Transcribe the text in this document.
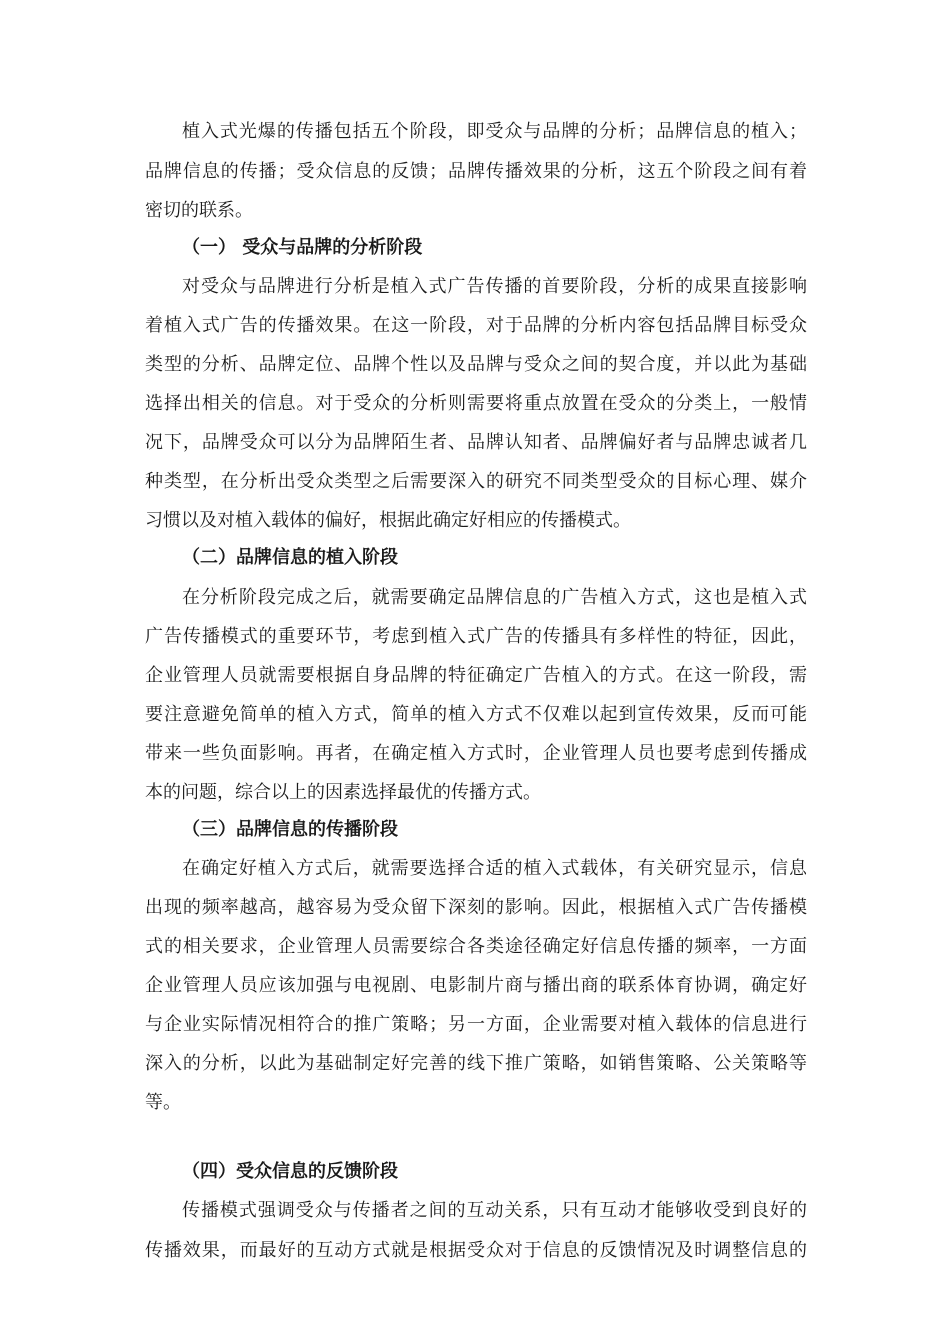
植入式光爆的传播包括五个阶段，即受众与品牌的分析；品牌信息的植入；
品牌信息的传播；受众信息的反馈；品牌传播效果的分析，这五个阶段之间有着
密切的联系。
（一） 受众与品牌的分析阶段
对受众与品牌进行分析是植入式广告传播的首要阶段，分析的成果直接影响
着植入式广告的传播效果。在这一阶段，对于品牌的分析内容包括品牌目标受众
类型的分析、品牌定位、品牌个性以及品牌与受众之间的契合度，并以此为基础
选择出相关的信息。对于受众的分析则需要将重点放置在受众的分类上，一般情
况下，品牌受众可以分为品牌陌生者、品牌认知者、品牌偏好者与品牌忠诚者几
种类型，在分析出受众类型之后需要深入的研究不同类型受众的目标心理、媒介
习惯以及对植入载体的偏好，根据此确定好相应的传播模式。
（二）品牌信息的植入阶段
在分析阶段完成之后，就需要确定品牌信息的广告植入方式，这也是植入式
广告传播模式的重要环节，考虑到植入式广告的传播具有多样性的特征，因此，
企业管理人员就需要根据自身品牌的特征确定广告植入的方式。在这一阶段，需
要注意避免简单的植入方式，简单的植入方式不仅难以起到宣传效果，反而可能
带来一些负面影响。再者，在确定植入方式时，企业管理人员也要考虑到传播成
本的问题，综合以上的因素选择最优的传播方式。
（三）品牌信息的传播阶段
在确定好植入方式后，就需要选择合适的植入式载体，有关研究显示，信息
出现的频率越高，越容易为受众留下深刻的影响。因此，根据植入式广告传播模
式的相关要求，企业管理人员需要综合各类途径确定好信息传播的频率，一方面
企业管理人员应该加强与电视剧、电影制片商与播出商的联系体育协调，确定好
与企业实际情况相符合的推广策略；另一方面，企业需要对植入载体的信息进行
深入的分析，以此为基础制定好完善的线下推广策略，如销售策略、公关策略等
等。
（四）受众信息的反馈阶段
传播模式强调受众与传播者之间的互动关系，只有互动才能够收受到良好的
传播效果，而最好的互动方式就是根据受众对于信息的反馈情况及时调整信息的
